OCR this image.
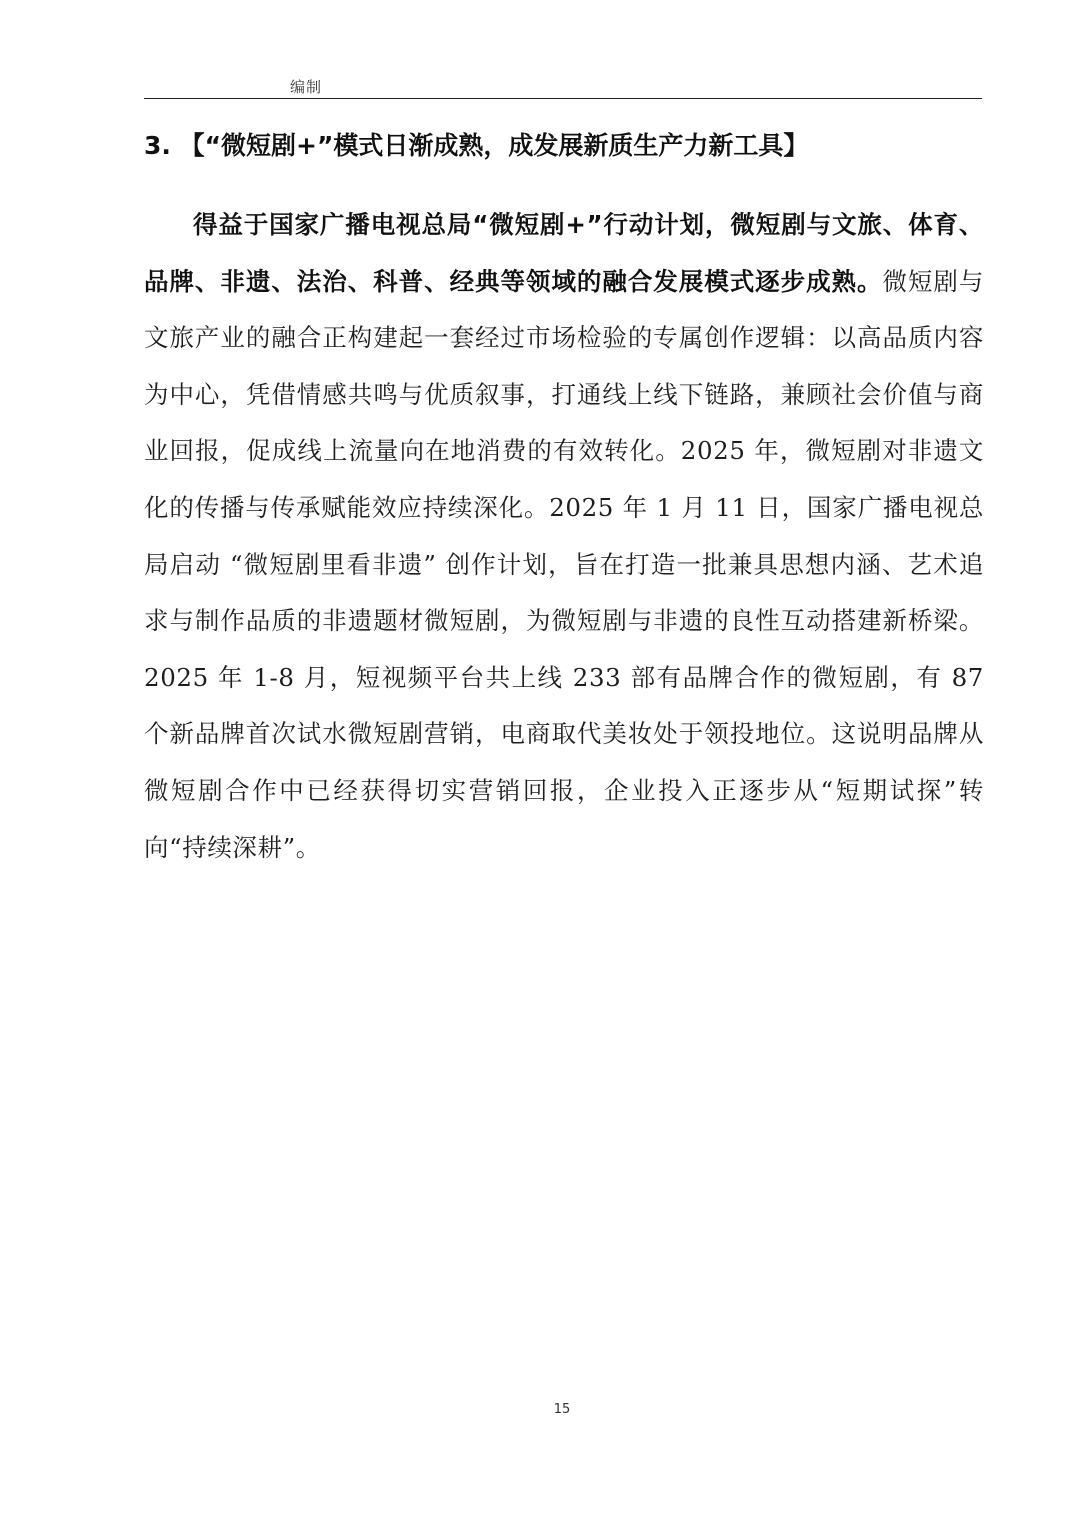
编制
3. 【“微短剧+”模式日渐成熟，成发展新质生产力新工具】

得益于国家广播电视总局“微短剧+”行动计划，微短剧与文旅、体育、品牌、非遗、法治、科普、经典等领域的融合发展模式逐步成熟。微短剧与文旅产业的融合正构建起一套经过市场检验的专属创作逻辑：以高品质内容为中心，凭借情感共鸣与优质叙事，打通线上线下链路，兼顾社会价值与商业回报，促成线上流量向在地消费的有效转化。2025 年，微短剧对非遗文化的传播与传承赋能效应持续深化。2025 年 1 月 11 日，国家广播电视总局启动 “微短剧里看非遗” 创作计划，旨在打造一批兼具思想内涵、艺术追求与制作品质的非遗题材微短剧，为微短剧与非遗的良性互动搭建新桥梁。2025 年 1-8 月，短视频平台共上线 233 部有品牌合作的微短剧，有 87 个新品牌首次试水微短剧营销，电商取代美妆处于领投地位。这说明品牌从微短剧合作中已经获得切实营销回报，企业投入正逐步从“短期试探”转向“持续深耕”。

15
